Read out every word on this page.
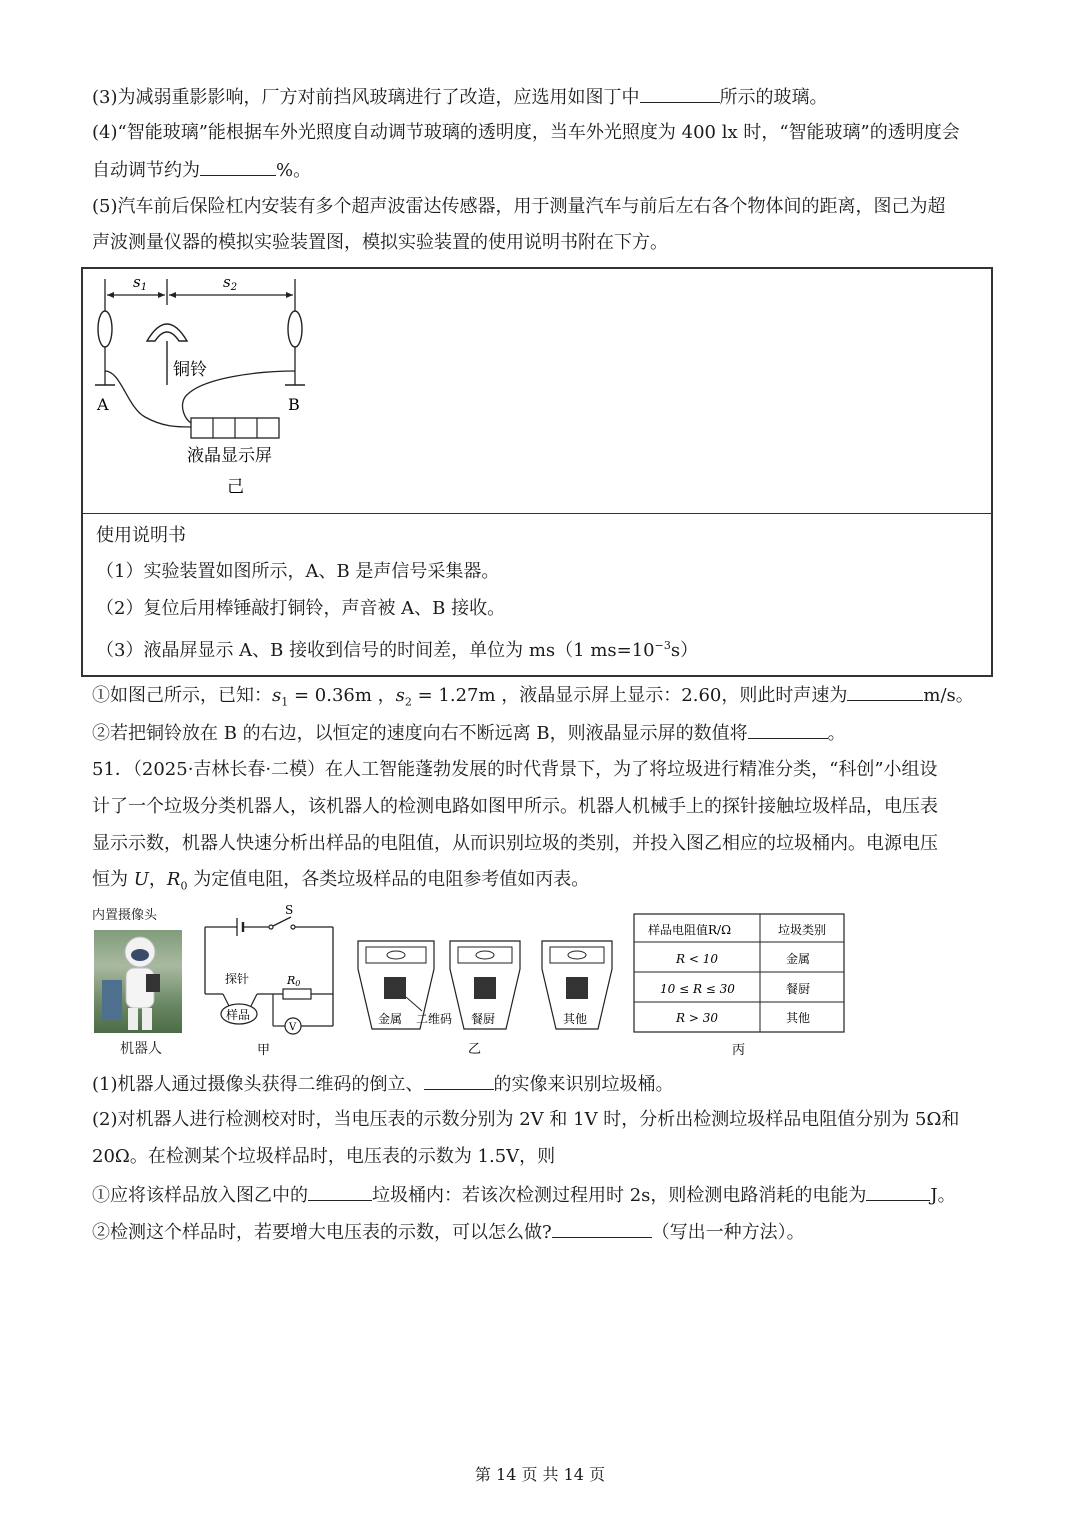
(3)为减弱重影影响，厂方对前挡风玻璃进行了改造，应选用如图丁中	所示的玻璃。
(4)“智能玻璃”能根据车外光照度自动调节玻璃的透明度，当车外光照度为 400 lx 时，“智能玻璃”的透明度会
自动调节约为	%。
(5)汽车前后保险杠内安装有多个超声波雷达传感器，用于测量汽车与前后左右各个物体间的距离，图己为超
声波测量仪器的模拟实验装置图，模拟实验装置的使用说明书附在下方。
$s_1$	$s_2$
A	B
铜铃
液晶显示屏
己
使用说明书
（1）实验装置如图所示，A、B 是声信号采集器。
（2）复位后用棒锤敲打铜铃，声音被 A、B 接收。
（3）液晶屏显示 A、B 接收到信号的时间差，单位为 ms（1 $ms=10^{-3}s$）
①如图己所示，已知：$s_1 = 0.36m$ ，$s_2 = 1.27m$ ，液晶显示屏上显示：2.60，则此时声速为	m/s。
②若把铜铃放在 B 的右边，以恒定的速度向右不断远离 B，则液晶显示屏的数值将	。
51．（2025·吉林长春·二模）在人工智能蓬勃发展的时代背景下，为了将垃圾进行精准分类，“科创”小组设
计了一个垃圾分类机器人，该机器人的检测电路如图甲所示。机器人机械手上的探针接触垃圾样品，电压表
显示示数，机器人快速分析出样品的电阻值，从而识别垃圾的类别，并投入图乙相应的垃圾桶内。电源电压
恒为 U，$R_0$ 为定值电阻，各类垃圾样品的电阻参考值如丙表。
内置摄像头
机器人
S
探针
样品
R0
V
甲
金属 二维码 餐厨	其他
乙
样品电阻值R/Ω	垃圾类别
R < 10	金属
10 ≤ R ≤ 30	餐厨
R > 30	其他
丙
(1)机器人通过摄像头获得二维码的倒立、	的实像来识别垃圾桶。
(2)对机器人进行检测校对时，当电压表的示数分别为 2V 和 1V 时，分析出检测垃圾样品电阻值分别为 5Ω和
20Ω。在检测某个垃圾样品时，电压表的示数为 1.5V，则
①应将该样品放入图乙中的	垃圾桶内：若该次检测过程用时 2s，则检测电路消耗的电能为	J。
②检测这个样品时，若要增大电压表的示数，可以怎么做?	（写出一种方法）。
第 14 页 共 14 页
